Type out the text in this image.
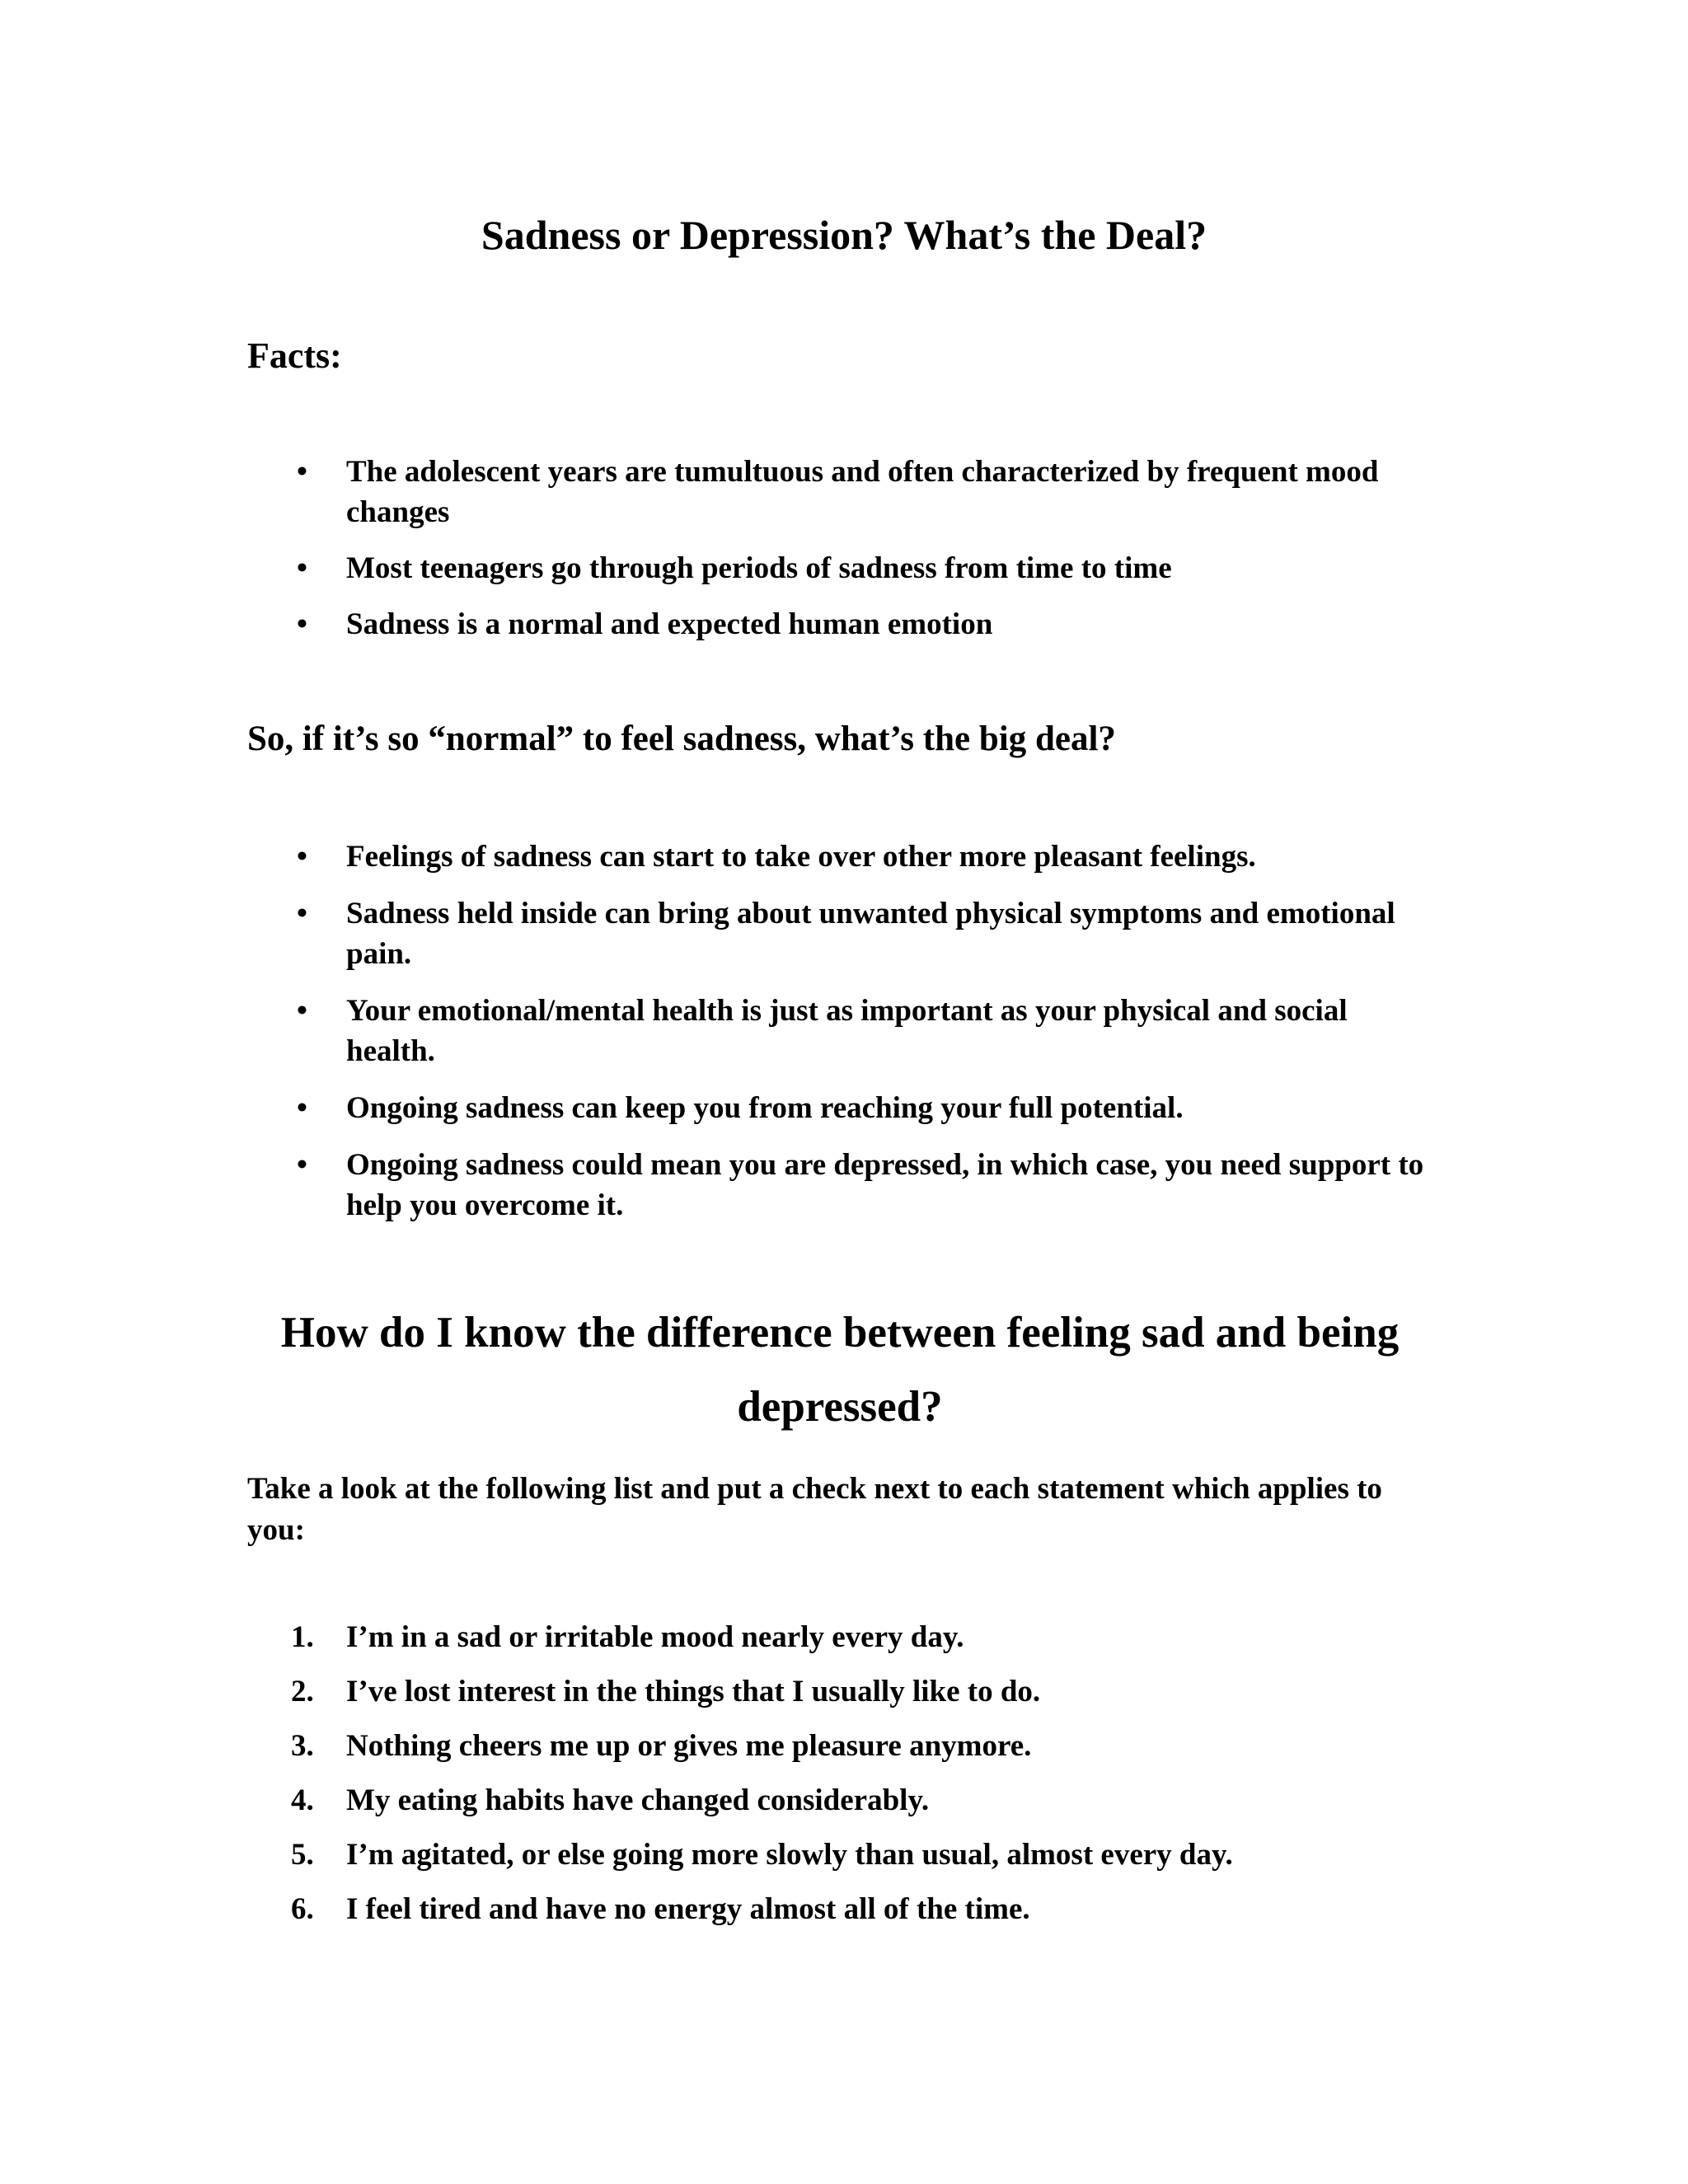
Sadness or Depression? What’s the Deal?
Facts:
• The adolescent years are tumultuous and often characterized by frequent mood changes
• Most teenagers go through periods of sadness from time to time
• Sadness is a normal and expected human emotion
So, if it’s so “normal” to feel sadness, what’s the big deal?
• Feelings of sadness can start to take over other more pleasant feelings.
• Sadness held inside can bring about unwanted physical symptoms and emotional pain.
• Your emotional/mental health is just as important as your physical and social health.
• Ongoing sadness can keep you from reaching your full potential.
• Ongoing sadness could mean you are depressed, in which case, you need support to help you overcome it.
How do I know the difference between feeling sad and being depressed?
Take a look at the following list and put a check next to each statement which applies to you:
1. I’m in a sad or irritable mood nearly every day.
2. I’ve lost interest in the things that I usually like to do.
3. Nothing cheers me up or gives me pleasure anymore.
4. My eating habits have changed considerably.
5. I’m agitated, or else going more slowly than usual, almost every day.
6. I feel tired and have no energy almost all of the time.
